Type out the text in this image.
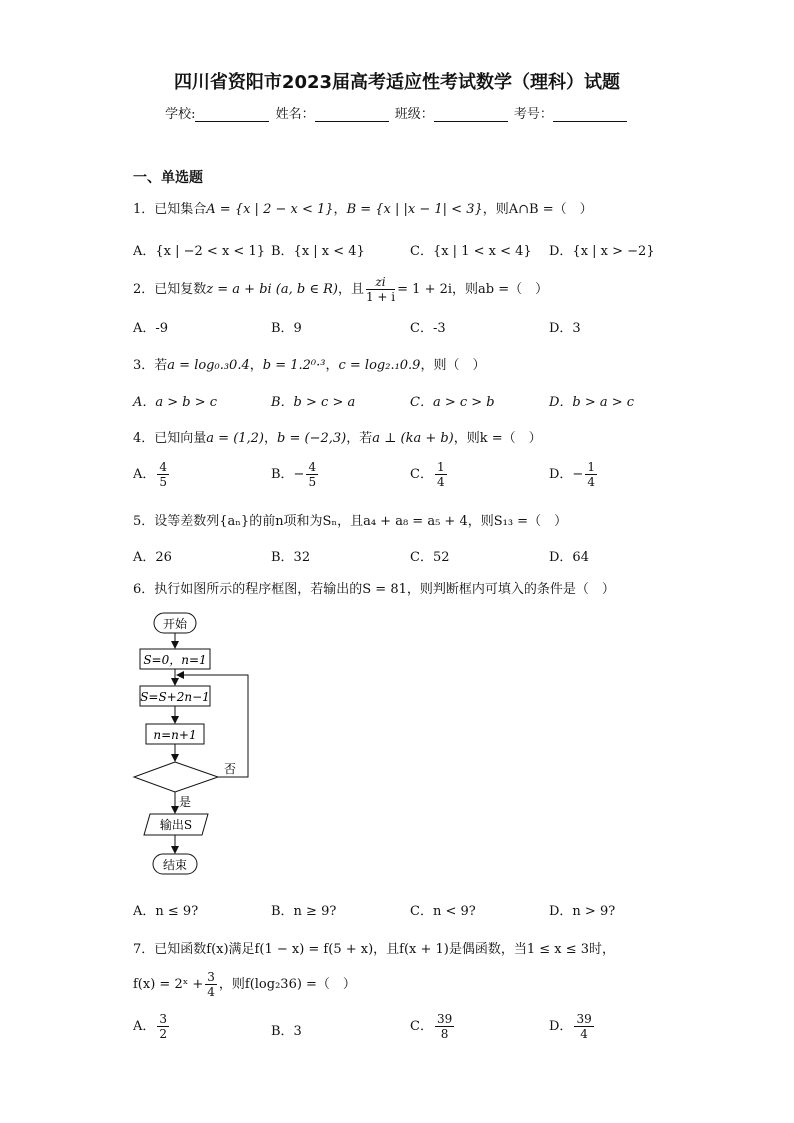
四川省资阳市2023届高考适应性考试数学（理科）试题
学校:	姓名：	班级：	考号：
一、单选题
1．已知集合A = {x | 2 − x < 1}，B = {x | |x − 1| < 3}，则A∩B =（　）
A．{x | −2 < x < 1} B．{x | x < 4}	C．{x | 1 < x < 4} D．{x | x > −2}
2．已知复数z = a + bi (a, b ∈ R)，且 $\frac{zi}{1 + i} = 1 + 2i$，则ab =（　）
A．-9	B．9	C．-3	D．3
3．若a = log₀.₃0.4，b = 1.2⁰·³，c = log₂.₁0.9，则（　）
A．a > b > c	B．b > c > a	C．a > c > b	D．b > a > c
4．已知向量a = (1,2)，b = (−2,3)，若a ⊥ (ka + b)，则k =（　）
A． $\frac{4}{5}$	B．− $\frac{4}{5}$	C． $\frac{1}{4}$	D．− $\frac{1}{4}$
5．设等差数列{aₙ}的前n项和为Sₙ，且a₄ + a₈ = a₅ + 4，则S₁₃ =（　）
A．26	B．32	C．52	D．64
6．执行如图所示的程序框图，若输出的S = 81，则判断框内可填入的条件是（　）
开始
S=0，n=1
S=S+2n−1
n=n+1
否
是
输出S
结束
A．n ≤ 9?	B．n ≥ 9?	C．n < 9?	D．n > 9?
7．已知函数f(x)满足f(1 − x) = f(5 + x)，且f(x + 1)是偶函数，当1 ≤ x ≤ 3时，
f(x) = 2ˣ + $\frac{3}{4}$ ，则f(log₂36) =（　）
A． $\frac{3}{2}$	B．3	C． $\frac{39}{8}$	D． $\frac{39}{4}$
